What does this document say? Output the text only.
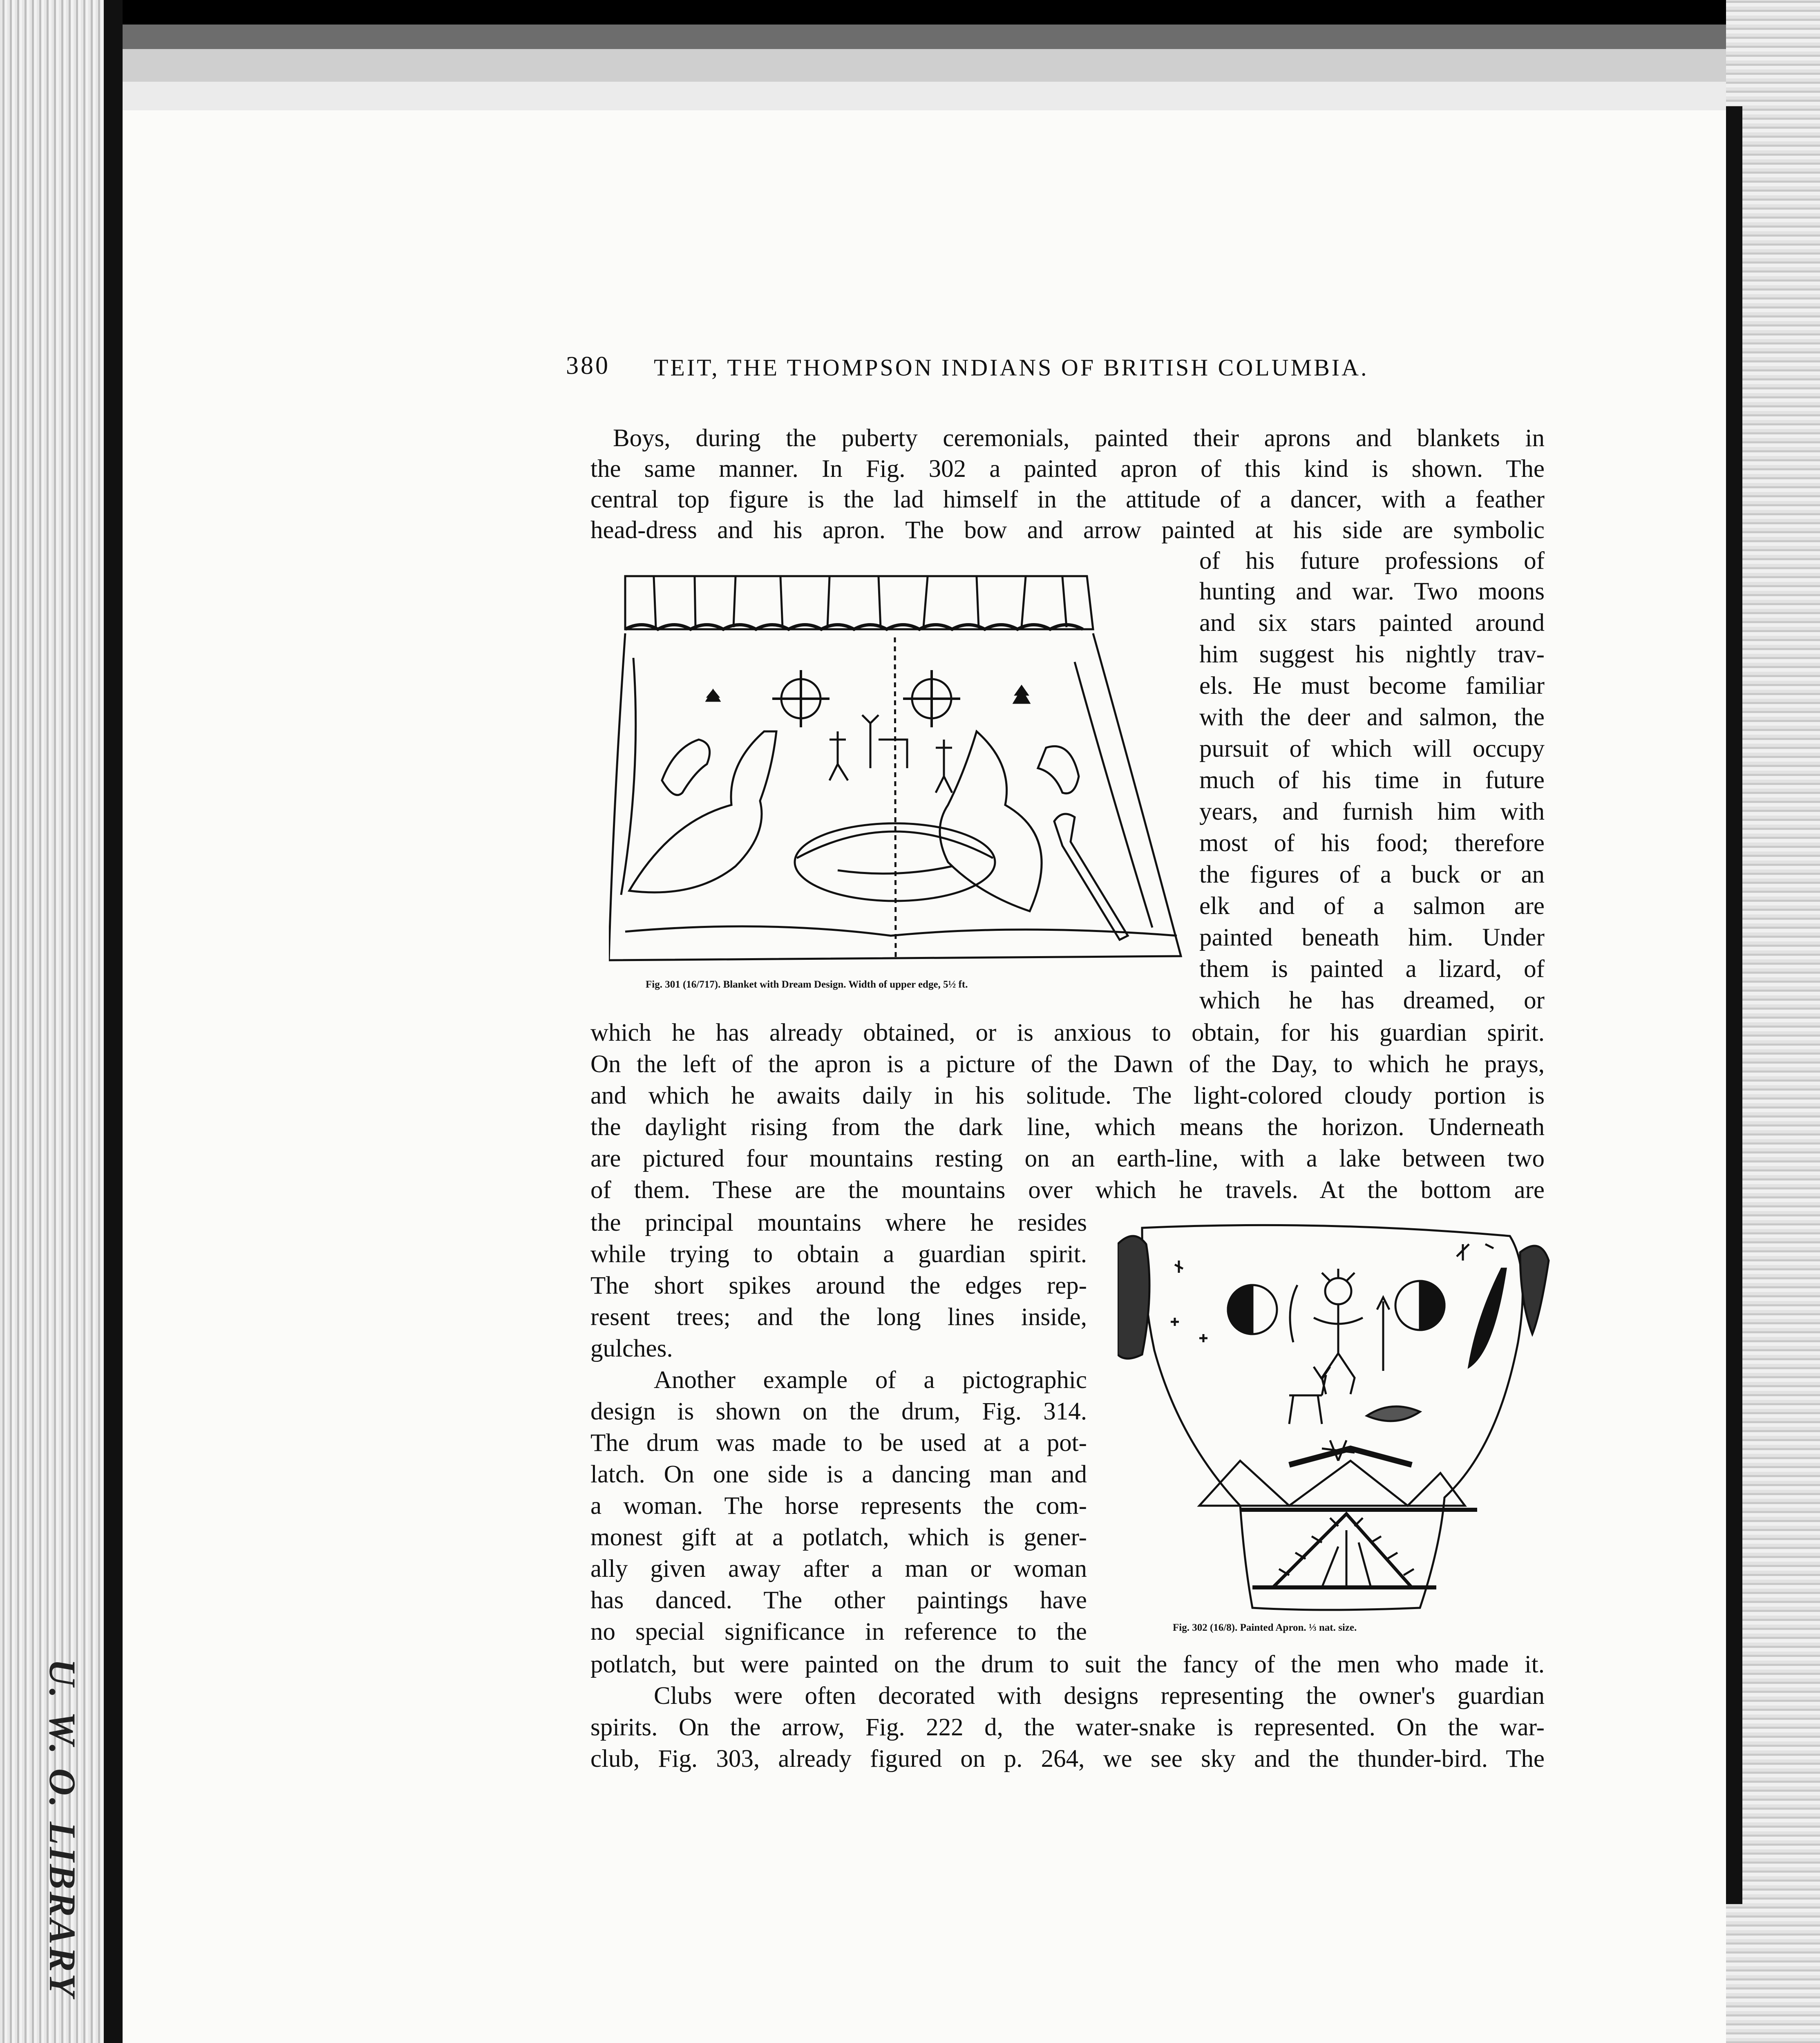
U. W. O. LIBRARY
380 TEIT, THE THOMPSON INDIANS OF BRITISH COLUMBIA.
Boys, during the puberty ceremonials, painted their aprons and blankets in
the same manner. In Fig. 302 a painted apron of this kind is shown. The
central top figure is the lad himself in the attitude of a dancer, with a feather
head-dress and his apron. The bow and arrow painted at his side are symbolic
of his future professions of
hunting and war. Two moons
and six stars painted around
him suggest his nightly trav-
els. He must become familiar
with the deer and salmon, the
pursuit of which will occupy
much of his time in future
years, and furnish him with
most of his food; therefore
the figures of a buck or an
elk and of a salmon are
painted beneath him. Under
them is painted a lizard, of
which he has dreamed, or
which he has already obtained, or is anxious to obtain, for his guardian spirit.
On the left of the apron is a picture of the Dawn of the Day, to which he prays,
and which he awaits daily in his solitude. The light-colored cloudy portion is
the daylight rising from the dark line, which means the horizon. Underneath
are pictured four mountains resting on an earth-line, with a lake between two
of them. These are the mountains over which he travels. At the bottom are
the principal mountains where he resides
while trying to obtain a guardian spirit.
The short spikes around the edges rep-
resent trees; and the long lines inside,
gulches.
Another example of a pictographic
design is shown on the drum, Fig. 314.
The drum was made to be used at a pot-
latch. On one side is a dancing man and
a woman. The horse represents the com-
monest gift at a potlatch, which is gener-
ally given away after a man or woman
has danced. The other paintings have
no special significance in reference to the
potlatch, but were painted on the drum to suit the fancy of the men who made it.
Clubs were often decorated with designs representing the owner's guardian
spirits. On the arrow, Fig. 222 d, the water-snake is represented. On the war-
club, Fig. 303, already figured on p. 264, we see sky and the thunder-bird. The
Fig. 301 (16/717). Blanket with Dream Design. Width of upper edge, 5½ ft.
Fig. 302 (16/8). Painted Apron. ⅓ nat. size.
